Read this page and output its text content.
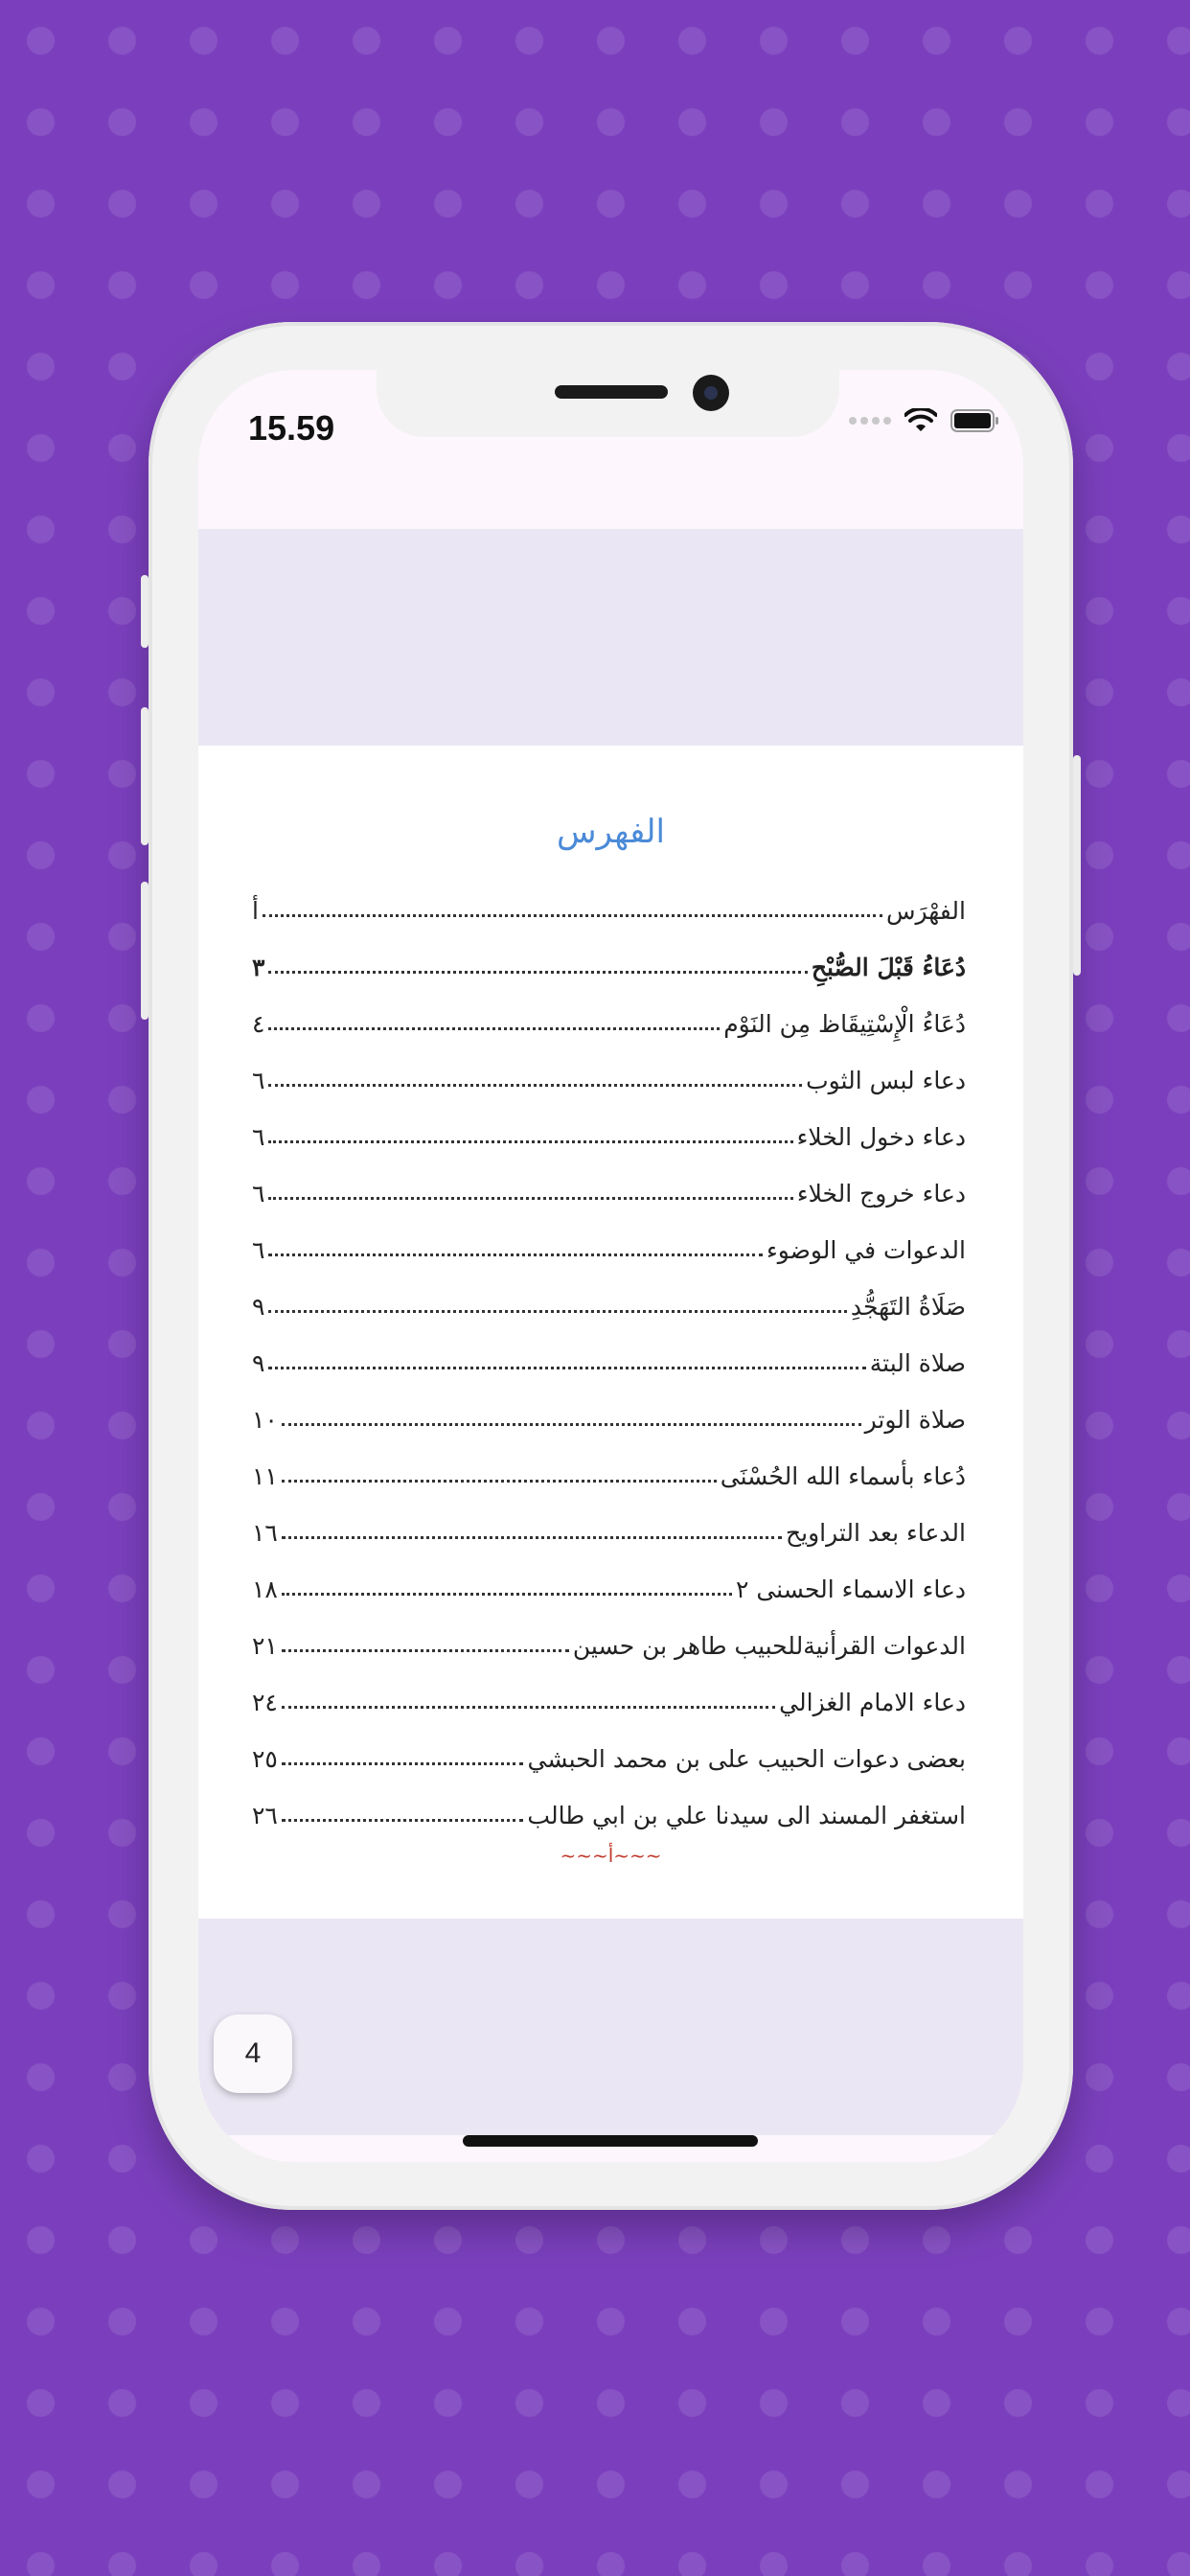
15.59
الفهرس
الفهْرَس
أ
دُعَاءُ قَبْلَ الصُّبْحِ
٣
دُعَاءُ الْإِسْتِيقَاظ مِن النَوْم
٤
دعاء لبس الثوب
٦
دعاء دخول الخلاء
٦
دعاء خروج الخلاء
٦
الدعوات في الوضوء
٦
صَلَاةُ التَهَجُّدِ
٩
صلاة البتة
٩
صلاة الوتر
١٠
دُعاء بأسماء الله الحُسْنَى
١١
الدعاء بعد التراويح
١٦
دعاء الاسماء الحسنى ٢
١٨
الدعوات القرأنيةللحبيب طاهر بن حسين
٢١
دعاء الامام الغزالي
٢٤
بعضى دعوات الحبيب على بن محمد الحبشي
٢٥
استغفر المسند الى سيدنا علي بن ابي طالب
٢٦
~~~أ~~~
4
